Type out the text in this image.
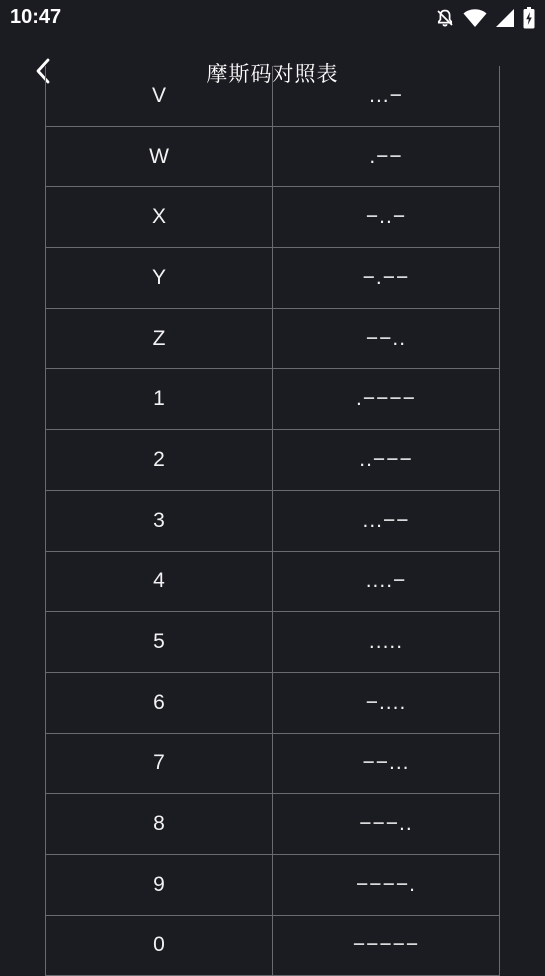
10:47
摩斯码对照表
V	...−
W	.−−
X	−..−
Y	−.−−
Z	−−..
1	.−−−−
2	..−−−
3	...−−
4	....−
5	.....
6	−....
7	−−...
8	−−−..
9	−−−−.
0	−−−−−
